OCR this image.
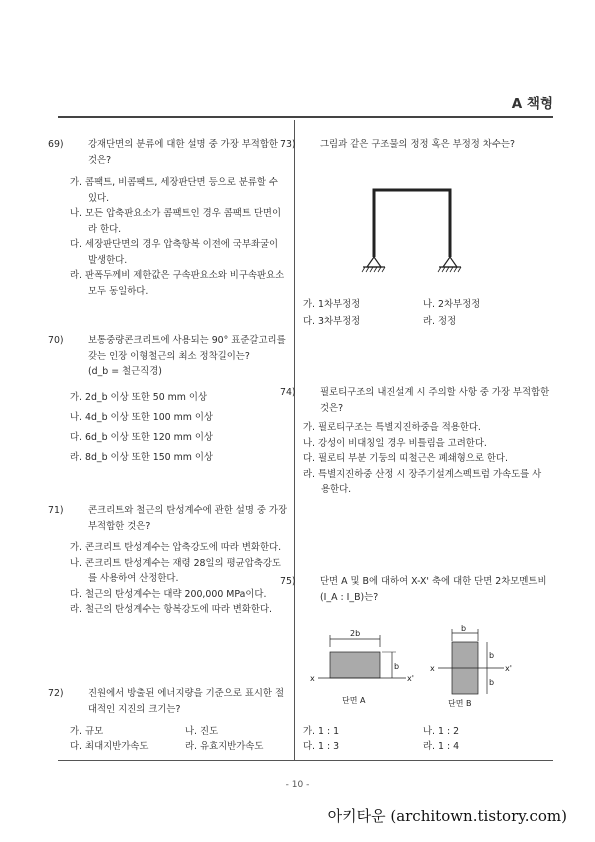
A 책형
69)	강재단면의 분류에 대한 설명 중 가장 부적합한 것은?
가. 콤팩트, 비콤팩트, 세장판단면 등으로 분류할 수 있다.
나. 모든 압축판요소가 콤팩트인 경우 콤팩트 단면이라 한다.
다. 세장판단면의 경우 압축항복 이전에 국부좌굴이 발생한다.
라. 판폭두께비 제한값은 구속판요소와 비구속판요소 모두 동일하다.
70)	보통중량콘크리트에 사용되는 90° 표준갈고리를 갖는 인장 이형철근의 최소 정착길이는?
(d_b = 철근직경)
가. 2d_b 이상 또한 50 mm 이상
나. 4d_b 이상 또한 100 mm 이상
다. 6d_b 이상 또한 120 mm 이상
라. 8d_b 이상 또한 150 mm 이상
71)	콘크리트와 철근의 탄성계수에 관한 설명 중 가장 부적합한 것은?
가. 콘크리트 탄성계수는 압축강도에 따라 변화한다.
나. 콘크리트 탄성계수는 재령 28일의 평균압축강도를 사용하여 산정한다.
다. 철근의 탄성계수는 대략 200,000 MPa이다.
라. 철근의 탄성계수는 항복강도에 따라 변화한다.
72)	진원에서 방출된 에너지량을 기준으로 표시한 절대적인 지진의 크기는?
가. 규모	나. 진도
다. 최대지반가속도	라. 유효지반가속도
73)	그림과 같은 구조물의 정정 혹은 부정정 차수는?
가. 1차부정정	나. 2차부정정
다. 3차부정정	라. 정정
74)	필로티구조의 내진설계 시 주의할 사항 중 가장 부적합한 것은?
가. 필로티구조는 특별지진하중을 적용한다.
나. 강성이 비대칭일 경우 비틀림을 고려한다.
다. 필로티 부분 기둥의 띠철근은 폐쇄형으로 한다.
라. 특별지진하중 산정 시 장주기설계스펙트럼 가속도를 사용한다.
75)	단면 A 및 B에 대하여 X-X' 축에 대한 단면 2차모멘트비(I_A : I_B)는?
2b
x	x'
b
단면 A
b
x	x'
b
b
단면 B
가. 1 : 1	나. 1 : 2
다. 1 : 3	라. 1 : 4
- 10 -
아키타운 (architown.tistory.com)
